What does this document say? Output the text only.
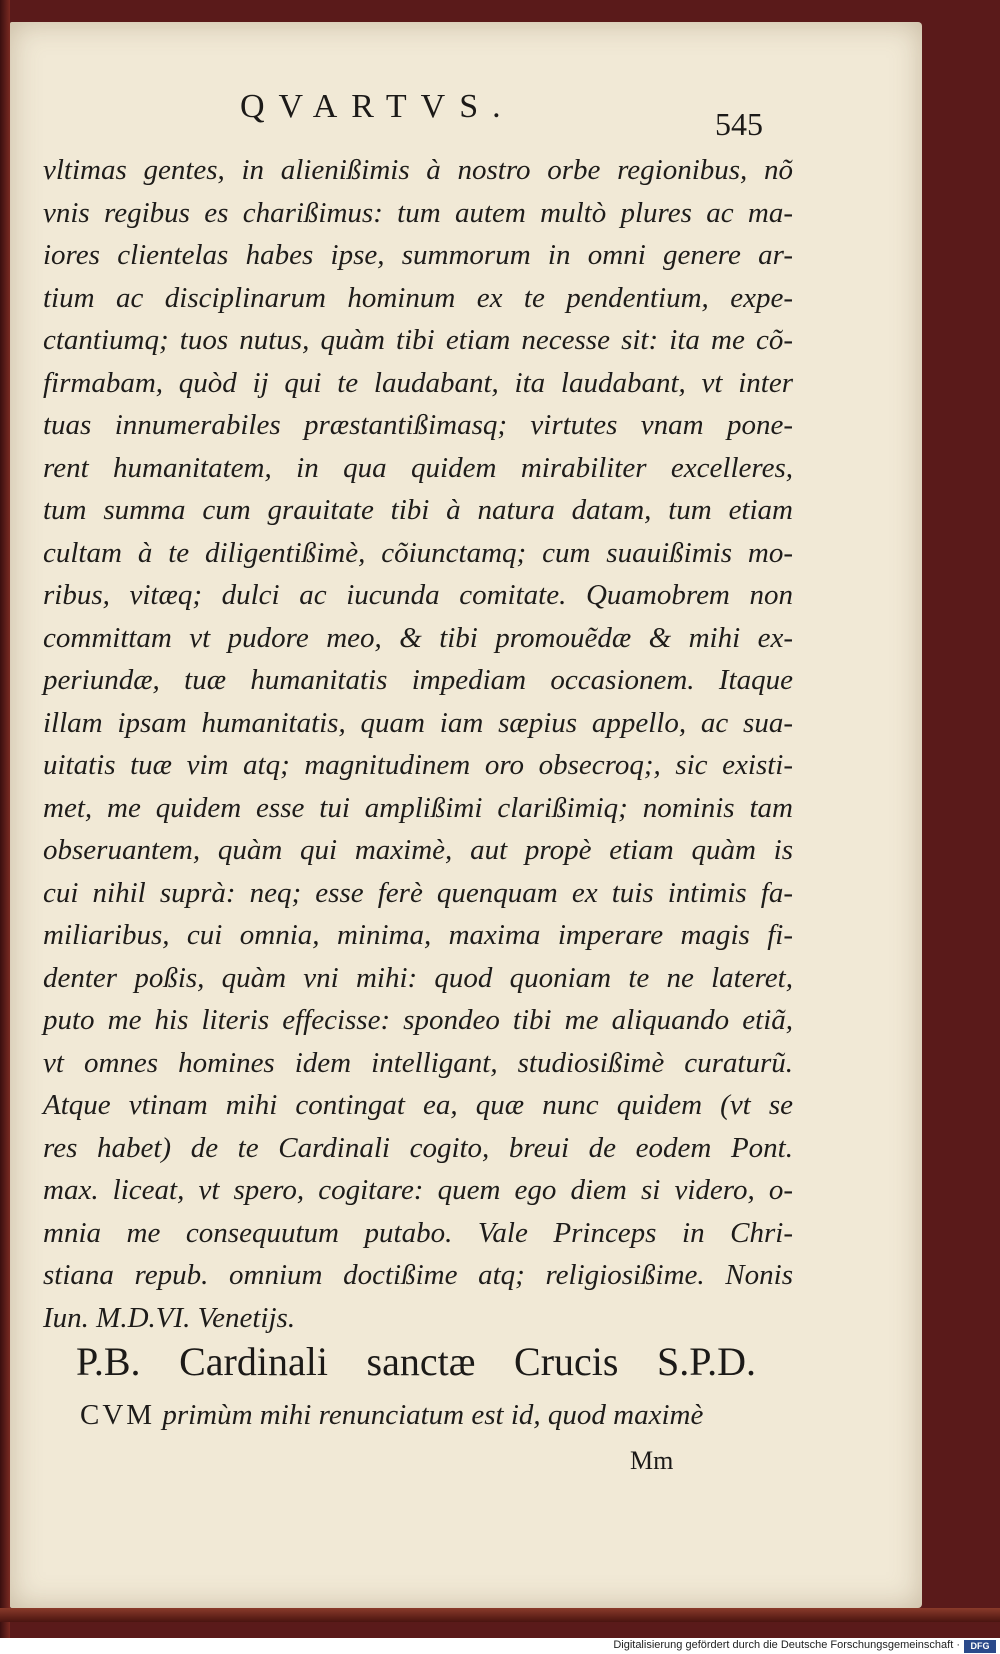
QVARTVS.	545
vltimas gentes, in alienißimis à nostro orbe regionibus, nõ
vnis regibus es charißimus: tum autem multò plures ac ma-
iores clientelas habes ipse, summorum in omni genere ar-
tium ac disciplinarum hominum ex te pendentium, expe-
ctantiumq; tuos nutus, quàm tibi etiam necesse sit: ita me cõ-
firmabam, quòd ij qui te laudabant, ita laudabant, vt inter
tuas innumerabiles præstantißimasq; virtutes vnam pone-
rent humanitatem, in qua quidem mirabiliter excelleres,
tum summa cum grauitate tibi à natura datam, tum etiam
cultam à te diligentißimè, cõiunctamq; cum suauißimis mo-
ribus, vitæq; dulci ac iucunda comitate. Quamobrem non
committam vt pudore meo, & tibi promouẽdæ & mihi ex-
periundæ, tuæ humanitatis impediam occasionem. Itaque
illam ipsam humanitatis, quam iam sæpius appello, ac sua-
uitatis tuæ vim atq; magnitudinem oro obsecroq;, sic existi-
met, me quidem esse tui amplißimi clarißimiq; nominis tam
obseruantem, quàm qui maximè, aut propè etiam quàm is
cui nihil suprà: neq; esse ferè quenquam ex tuis intimis fa-
miliaribus, cui omnia, minima, maxima imperare magis fi-
denter poßis, quàm vni mihi: quod quoniam te ne lateret,
puto me his literis effecisse: spondeo tibi me aliquando etiã,
vt omnes homines idem intelligant, studiosißimè curaturũ.
Atque vtinam mihi contingat ea, quæ nunc quidem (vt se
res habet) de te Cardinali cogito, breui de eodem Pont.
max. liceat, vt spero, cogitare: quem ego diem si videro, o-
mnia me consequutum putabo. Vale Princeps in Chri-
stiana repub. omnium doctißime atq; religiosißime. Nonis
Iun. M.D.VI. Venetijs.
P.B. Cardinali sanctæ Crucis S.P.D.
CVM primùm mihi renunciatum est id, quod maximè
Mm
Digitalisierung gefördert durch die Deutsche Forschungsgemeinschaft ·	DFG
